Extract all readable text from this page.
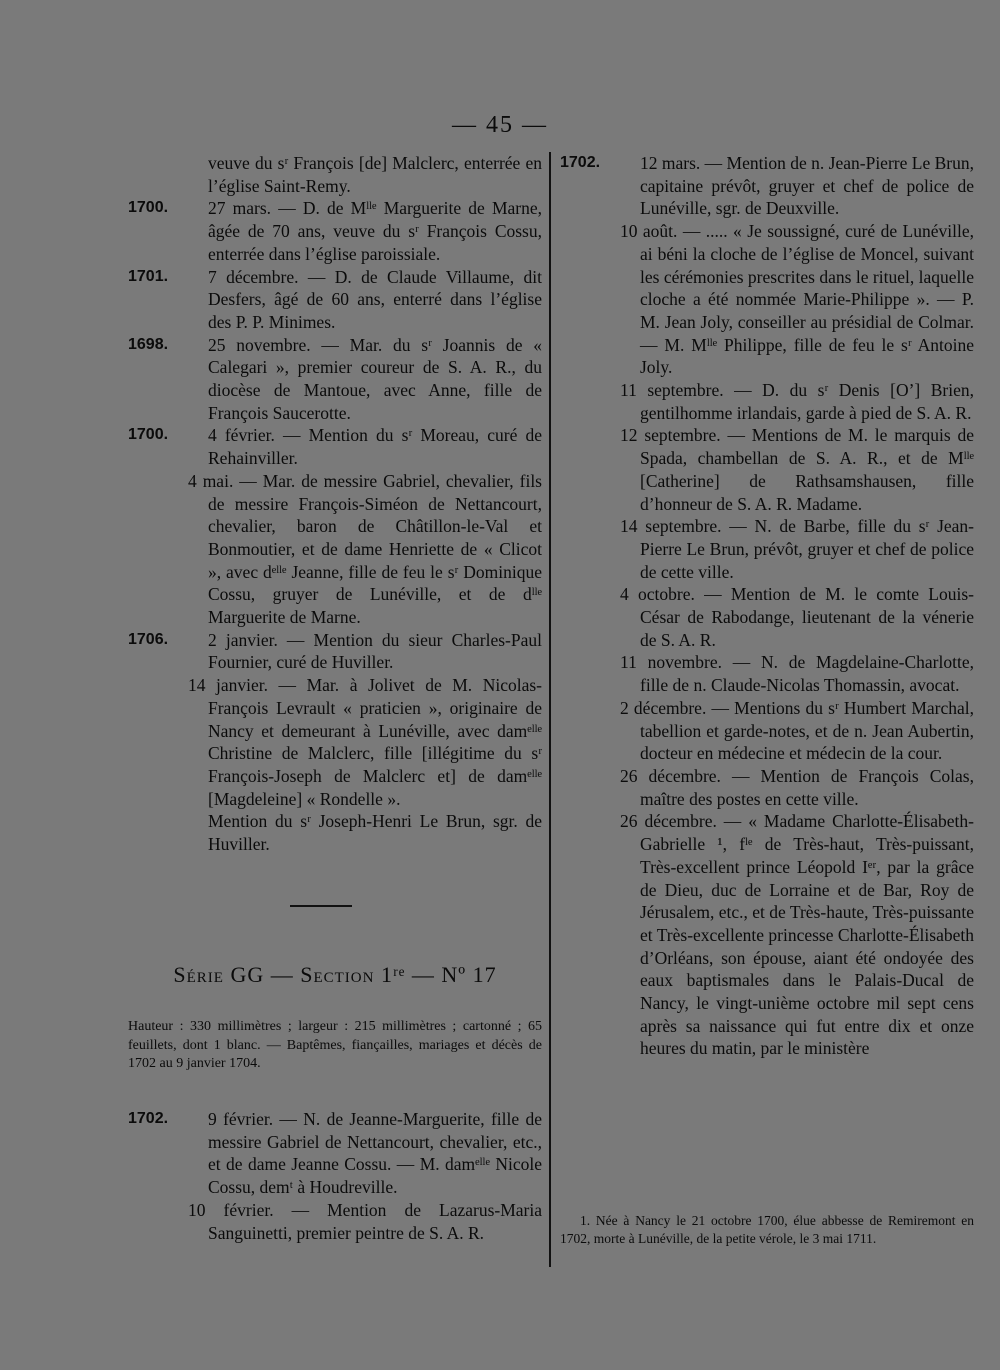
— 45 —
veuve du sʳ François [de] Malclerc, enterrée en l’église Saint-Remy.
1700. 27 mars. — D. de Mˡˡᵉ Marguerite de Marne, âgée de 70 ans, veuve du sʳ François Cossu, enterrée dans l’église paroissiale.
1701. 7 décembre. — D. de Claude Villaume, dit Desfers, âgé de 60 ans, enterré dans l’église des P. P. Minimes.
1698. 25 novembre. — Mar. du sʳ Joannis de « Calegari », premier coureur de S. A. R., du diocèse de Mantoue, avec Anne, fille de François Saucerotte.
1700. 4 février. — Mention du sʳ Moreau, curé de Rehainviller.
4 mai. — Mar. de messire Gabriel, chevalier, fils de messire François-Siméon de Nettancourt, chevalier, baron de Châtillon-le-Val et Bonmoutier, et de dame Henriette de « Clicot », avec dᵉˡˡᵉ Jeanne, fille de feu le sʳ Dominique Cossu, gruyer de Lunéville, et de dˡˡᵉ Marguerite de Marne.
1706. 2 janvier. — Mention du sieur Charles-Paul Fournier, curé de Huviller.
14 janvier. — Mar. à Jolivet de M. Nicolas-François Levrault « praticien », originaire de Nancy et demeurant à Lunéville, avec damᵉˡˡᵉ Christine de Malclerc, fille [illégitime du sʳ François-Joseph de Malclerc et] de damᵉˡˡᵉ [Magdeleine] « Rondelle ».
Mention du sʳ Joseph-Henri Le Brun, sgr. de Huviller.
Série GG — Section 1ʳᵉ — Nº 17
Hauteur : 330 millimètres ; largeur : 215 millimètres ; cartonné ; 65 feuillets, dont 1 blanc. — Baptêmes, fiançailles, mariages et décès de 1702 au 9 janvier 1704.
1702. 9 février. — N. de Jeanne-Marguerite, fille de messire Gabriel de Nettancourt, chevalier, etc., et de dame Jeanne Cossu. — M. damᵉˡˡᵉ Nicole Cossu, demᵗ à Houdreville.
10 février. — Mention de Lazarus-Maria Sanguinetti, premier peintre de S. A. R.
1702. 12 mars. — Mention de n. Jean-Pierre Le Brun, capitaine prévôt, gruyer et chef de police de Lunéville, sgr. de Deuxville.
10 août. — ..... « Je soussigné, curé de Lunéville, ai béni la cloche de l’église de Moncel, suivant les cérémonies prescrites dans le rituel, laquelle cloche a été nommée Marie-Philippe ». — P. M. Jean Joly, conseiller au présidial de Colmar. — M. Mˡˡᵉ Philippe, fille de feu le sʳ Antoine Joly.
11 septembre. — D. du sʳ Denis [O’] Brien, gentilhomme irlandais, garde à pied de S. A. R.
12 septembre. — Mentions de M. le marquis de Spada, chambellan de S. A. R., et de Mˡˡᵉ [Catherine] de Rathsamshausen, fille d’honneur de S. A. R. Madame.
14 septembre. — N. de Barbe, fille du sʳ Jean-Pierre Le Brun, prévôt, gruyer et chef de police de cette ville.
4 octobre. — Mention de M. le comte Louis-César de Rabodange, lieutenant de la vénerie de S. A. R.
11 novembre. — N. de Magdelaine-Charlotte, fille de n. Claude-Nicolas Thomassin, avocat.
2 décembre. — Mentions du sʳ Humbert Marchal, tabellion et garde-notes, et de n. Jean Aubertin, docteur en médecine et médecin de la cour.
26 décembre. — Mention de François Colas, maître des postes en cette ville.
26 décembre. — « Madame Charlotte-Élisabeth-Gabrielle ¹, fˡᵉ de Très-haut, Très-puissant, Très-excellent prince Léopold Iᵉʳ, par la grâce de Dieu, duc de Lorraine et de Bar, Roy de Jérusalem, etc., et de Très-haute, Très-puissante et Très-excellente princesse Charlotte-Élisabeth d’Orléans, son épouse, aiant été ondoyée des eaux baptismales dans le Palais-Ducal de Nancy, le vingt-unième octobre mil sept cens après sa naissance qui fut entre dix et onze heures du matin, par le ministère
1. Née à Nancy le 21 octobre 1700, élue abbesse de Remiremont en 1702, morte à Lunéville, de la petite vérole, le 3 mai 1711.
